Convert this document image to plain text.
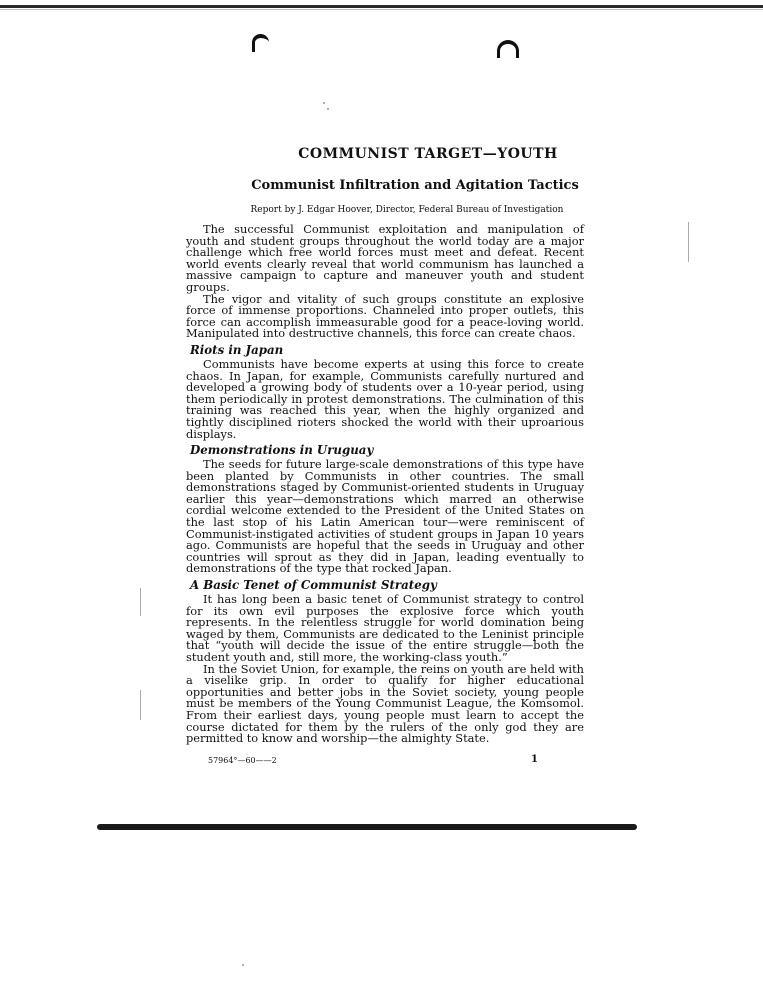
COMMUNIST TARGET—YOUTH
Communist Infiltration and Agitation Tactics
Report by J. Edgar Hoover, Director, Federal Bureau of Investigation

The successful Communist exploitation and manipulation of youth and student groups throughout the world today are a major challenge which free world forces must meet and defeat. Recent world events clearly reveal that world communism has launched a massive campaign to capture and maneuver youth and student groups.

The vigor and vitality of such groups constitute an explosive force of immense proportions. Channeled into proper outlets, this force can accomplish immeasurable good for a peace-loving world. Manipulated into destructive channels, this force can create chaos.

Riots in Japan

Communists have become experts at using this force to create chaos. In Japan, for example, Communists carefully nurtured and developed a growing body of students over a 10-year period, using them periodically in protest demonstrations. The culmination of this training was reached this year, when the highly organized and tightly disciplined rioters shocked the world with their uproarious displays.

Demonstrations in Uruguay

The seeds for future large-scale demonstrations of this type have been planted by Communists in other countries. The small demonstrations staged by Communist-oriented students in Uruguay earlier this year—demonstrations which marred an otherwise cordial welcome extended to the President of the United States on the last stop of his Latin American tour—were reminiscent of Communist-instigated activities of student groups in Japan 10 years ago. Communists are hopeful that the seeds in Uruguay and other countries will sprout as they did in Japan, leading eventually to demonstrations of the type that rocked Japan.

A Basic Tenet of Communist Strategy

It has long been a basic tenet of Communist strategy to control for its own evil purposes the explosive force which youth represents. In the relentless struggle for world domination being waged by them, Communists are dedicated to the Leninist principle that “youth will decide the issue of the entire struggle—both the student youth and, still more, the working-class youth.”

In the Soviet Union, for example, the reins on youth are held with a viselike grip. In order to qualify for higher educational opportunities and better jobs in the Soviet society, young people must be members of the Young Communist League, the Komsomol. From their earliest days, young people must learn to accept the course dictated for them by the rulers of the only god they are permitted to know and worship—the almighty State.

57964°—60——2	1
